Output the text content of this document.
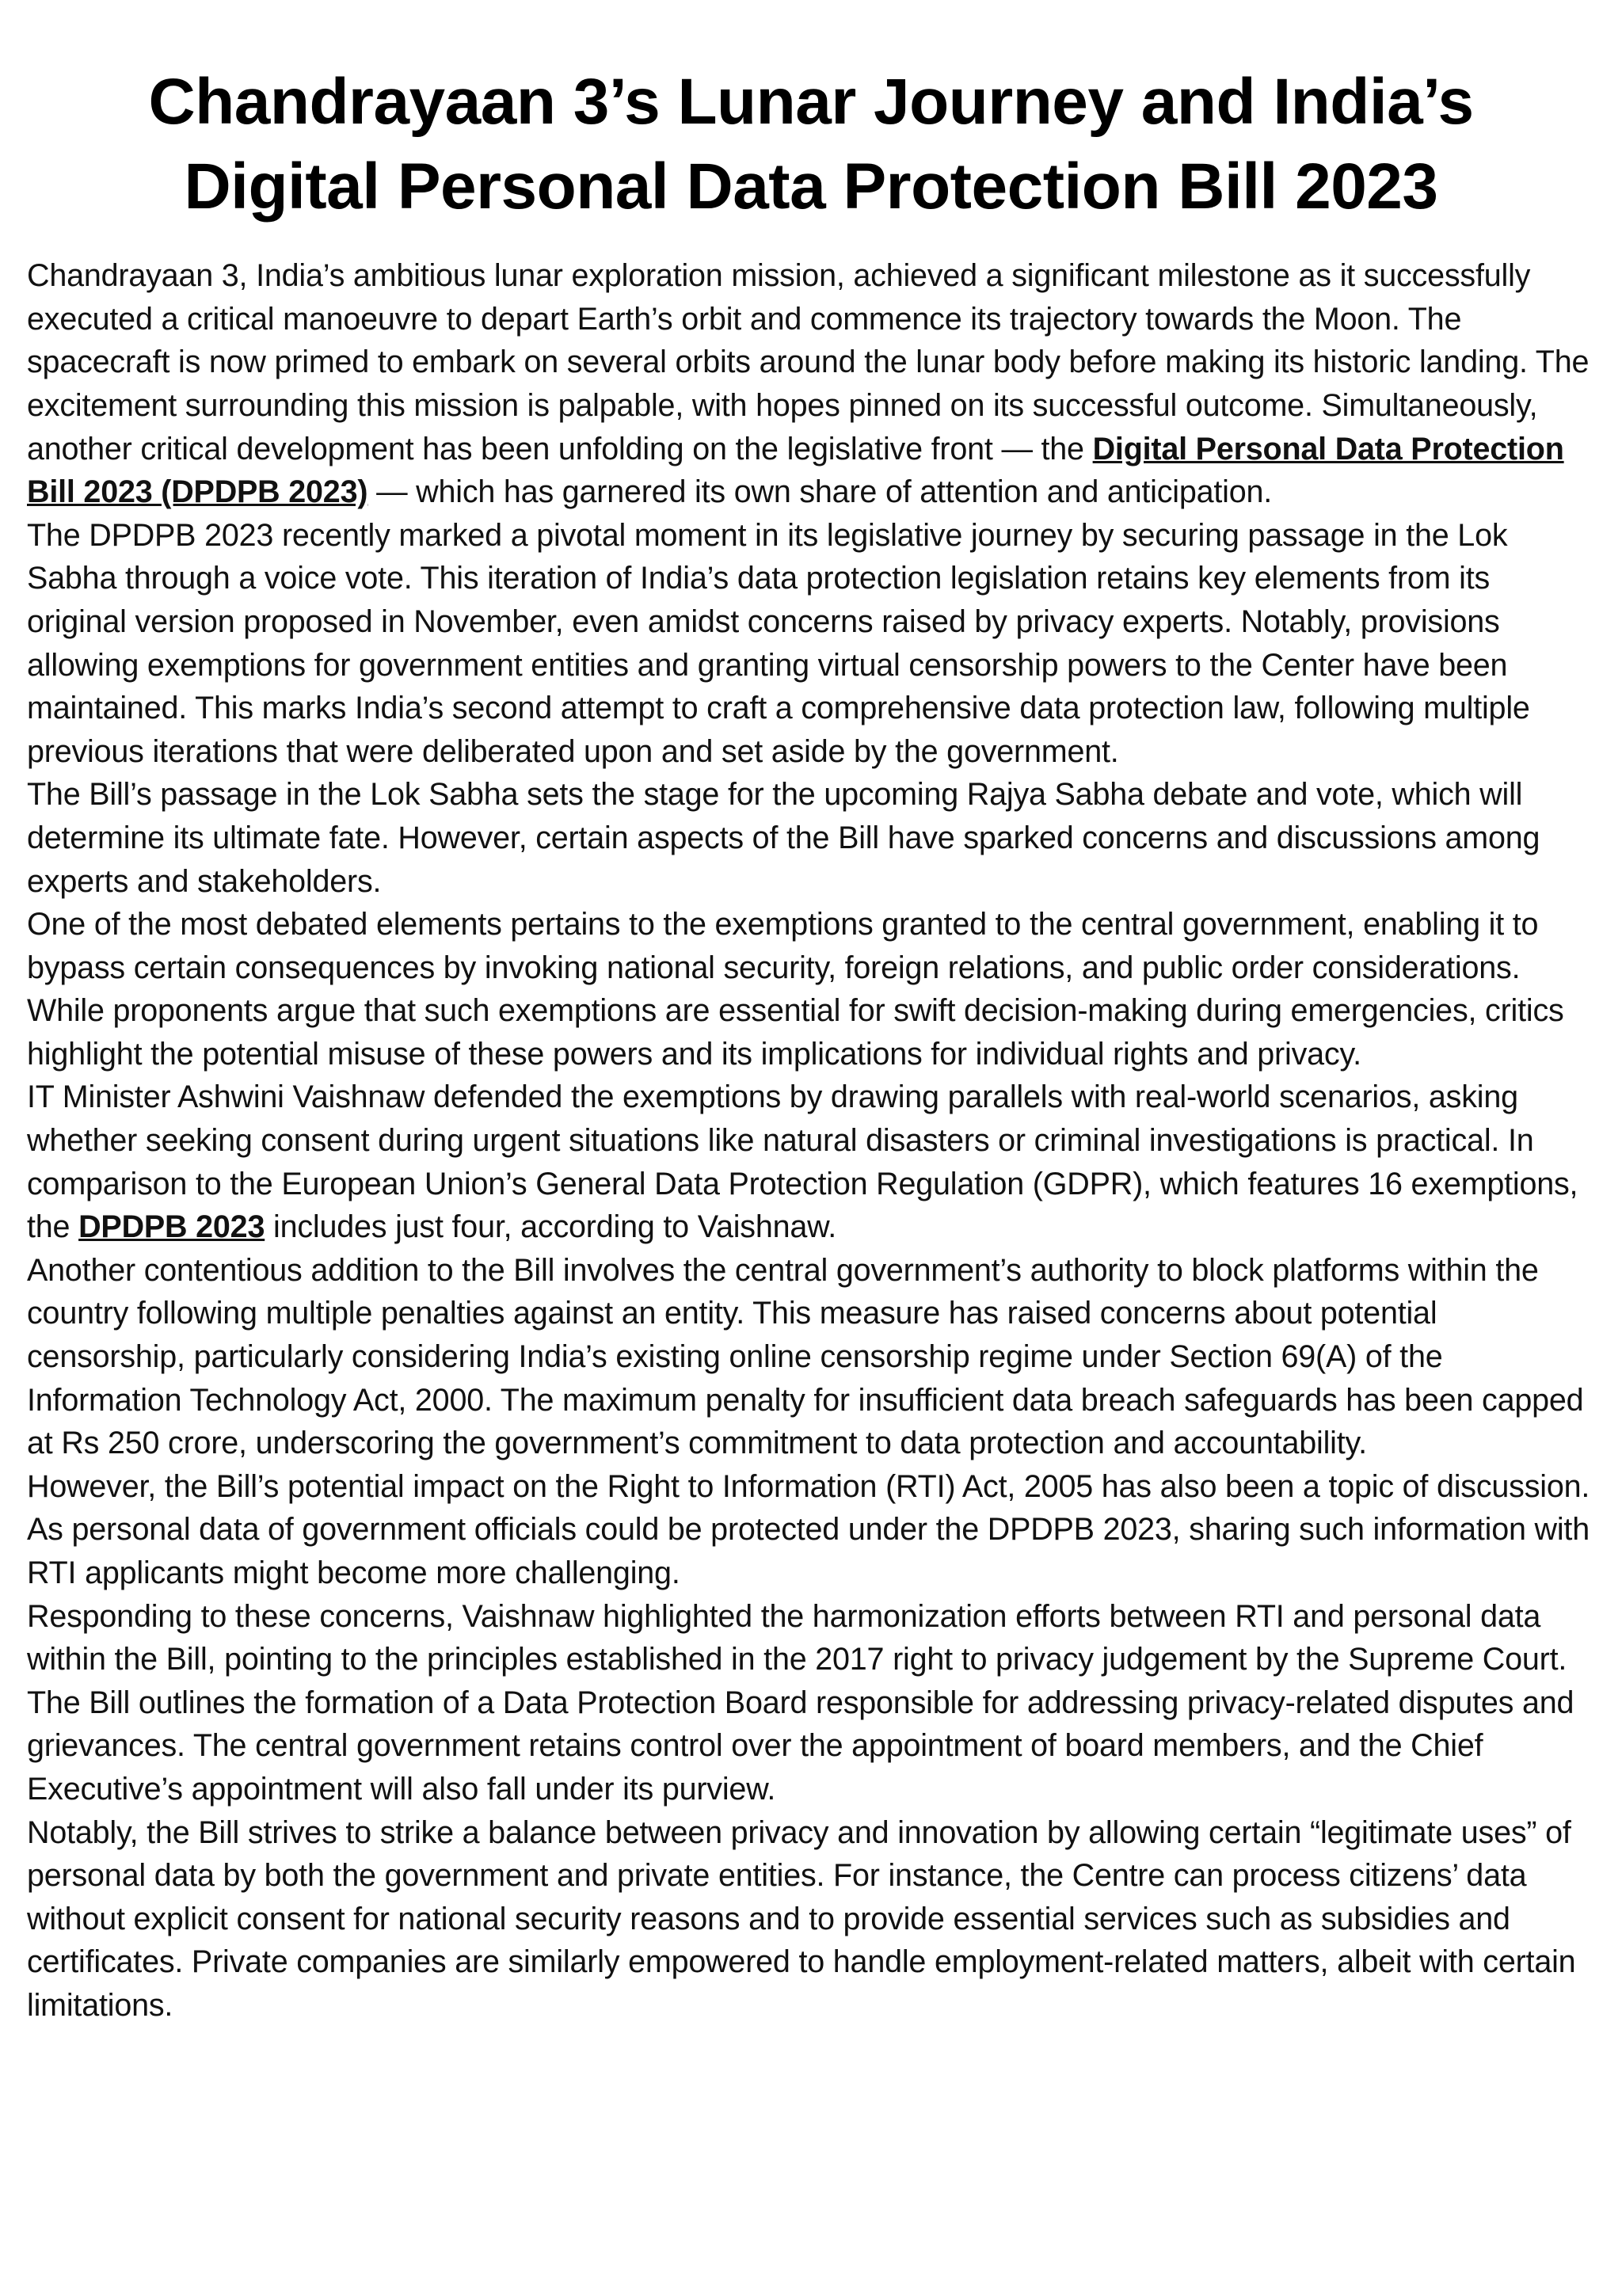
Chandrayaan 3’s Lunar Journey and India’s
Digital Personal Data Protection Bill 2023

Chandrayaan 3, India’s ambitious lunar exploration mission, achieved a significant milestone as it successfully executed a critical manoeuvre to depart Earth’s orbit and commence its trajectory towards the Moon. The spacecraft is now primed to embark on several orbits around the lunar body before making its historic landing. The excitement surrounding this mission is palpable, with hopes pinned on its successful outcome. Simultaneously, another critical development has been unfolding on the legislative front — the Digital Personal Data Protection Bill 2023 (DPDPB 2023) — which has garnered its own share of attention and anticipation.

The DPDPB 2023 recently marked a pivotal moment in its legislative journey by securing passage in the Lok Sabha through a voice vote. This iteration of India’s data protection legislation retains key elements from its original version proposed in November, even amidst concerns raised by privacy experts. Notably, provisions allowing exemptions for government entities and granting virtual censorship powers to the Center have been maintained. This marks India’s second attempt to craft a comprehensive data protection law, following multiple previous iterations that were deliberated upon and set aside by the government.

The Bill’s passage in the Lok Sabha sets the stage for the upcoming Rajya Sabha debate and vote, which will determine its ultimate fate. However, certain aspects of the Bill have sparked concerns and discussions among experts and stakeholders.

One of the most debated elements pertains to the exemptions granted to the central government, enabling it to bypass certain consequences by invoking national security, foreign relations, and public order considerations. While proponents argue that such exemptions are essential for swift decision-making during emergencies, critics highlight the potential misuse of these powers and its implications for individual rights and privacy.

IT Minister Ashwini Vaishnaw defended the exemptions by drawing parallels with real-world scenarios, asking whether seeking consent during urgent situations like natural disasters or criminal investigations is practical. In comparison to the European Union’s General Data Protection Regulation (GDPR), which features 16 exemptions, the DPDPB 2023 includes just four, according to Vaishnaw.

Another contentious addition to the Bill involves the central government’s authority to block platforms within the country following multiple penalties against an entity. This measure has raised concerns about potential censorship, particularly considering India’s existing online censorship regime under Section 69(A) of the Information Technology Act, 2000. The maximum penalty for insufficient data breach safeguards has been capped at Rs 250 crore, underscoring the government’s commitment to data protection and accountability.

However, the Bill’s potential impact on the Right to Information (RTI) Act, 2005 has also been a topic of discussion. As personal data of government officials could be protected under the DPDPB 2023, sharing such information with RTI applicants might become more challenging.

Responding to these concerns, Vaishnaw highlighted the harmonization efforts between RTI and personal data within the Bill, pointing to the principles established in the 2017 right to privacy judgement by the Supreme Court.

The Bill outlines the formation of a Data Protection Board responsible for addressing privacy-related disputes and grievances. The central government retains control over the appointment of board members, and the Chief Executive’s appointment will also fall under its purview.

Notably, the Bill strives to strike a balance between privacy and innovation by allowing certain “legitimate uses” of personal data by both the government and private entities. For instance, the Centre can process citizens’ data without explicit consent for national security reasons and to provide essential services such as subsidies and certificates. Private companies are similarly empowered to handle employment-related matters, albeit with certain limitations.
